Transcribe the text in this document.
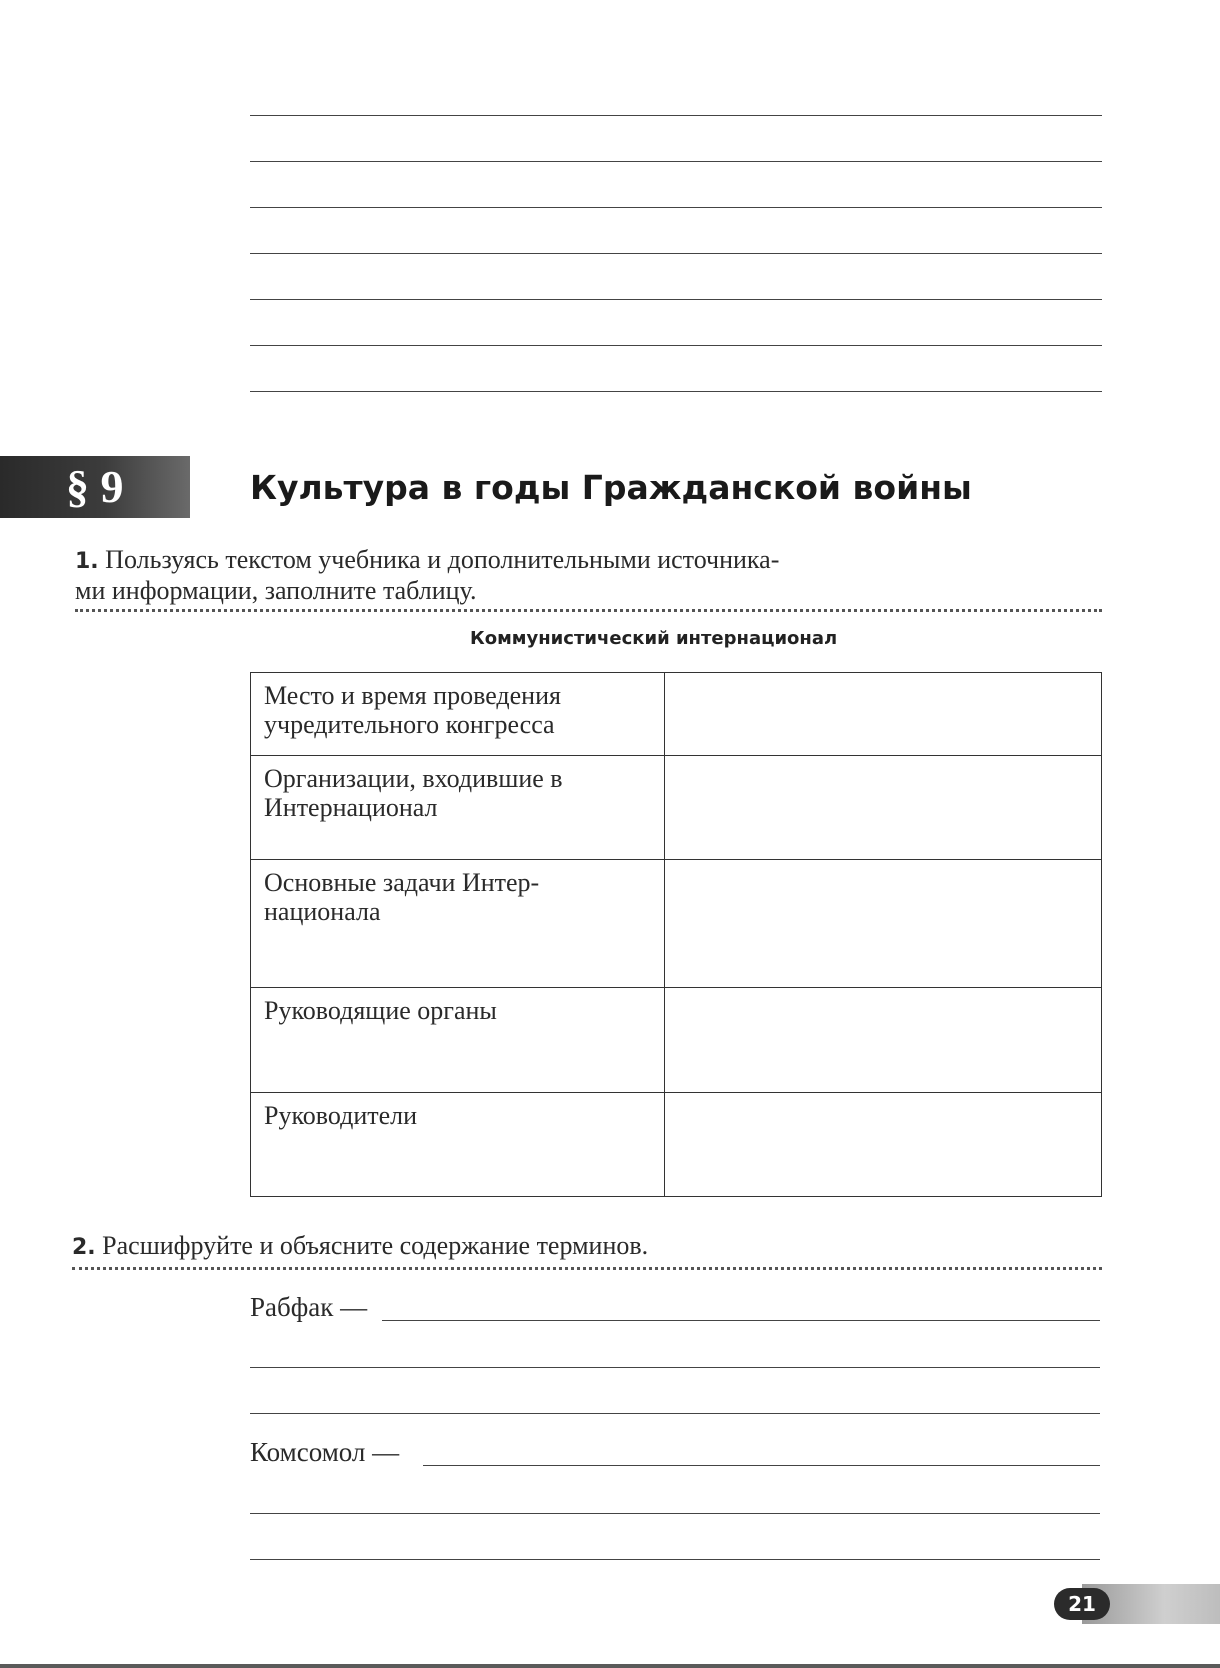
§ 9	Культура в годы Гражданской войны
1. Пользуясь текстом учебника и дополнительными источника-
ми информации, заполните таблицу.
Коммунистический интернационал
Место и время проведения учредительного конгресса	
Организации, входившие в Интернационал	
Основные задачи Интер-национала	
Руководящие органы	
Руководители	
2. Расшифруйте и объясните содержание терминов.
Рабфак —
Комсомол —
21
